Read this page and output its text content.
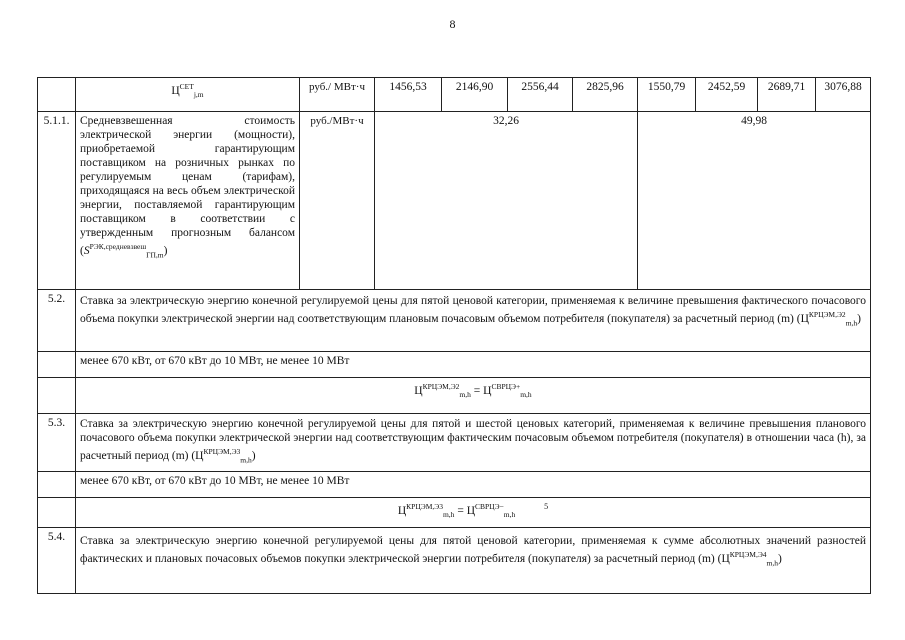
8
	$Ц^{СЕТ}_{j,m}$	руб./ МВт·ч	1456,53	2146,90	2556,44	2825,96	1550,79	2452,59	2689,71	3076,88
5.1.1.	Средневзвешенная стоимость электрической энергии (мощности), приобретаемой гарантирующим поставщиком на розничных рынках по регулируемым ценам (тарифам), приходящаяся на весь объем электрической энергии, поставляемой гарантирующим поставщиком в соответствии с утвержденным прогнозным балансом $(S^{РЭК,средневзвеш}_{ГП,m})$	руб./МВт·ч	32,26				49,98			
5.2.	Ставка за электрическую энергию конечной регулируемой цены для пятой ценовой категории, применяемая к величине превышения фактического почасового объема покупки электрической энергии над соответствующим плановым почасовым объемом потребителя (покупателя) за расчетный период (m) $(Ц^{КРЦЭМ,Э2}_{m,h})$									
	менее 670 кВт, от 670 кВт до 10 МВт, не менее 10 МВт									
	$Ц^{КРЦЭМ,Э2}_{m,h} = Ц^{СВРЦЭ+}_{m,h}$
5.3.	Ставка за электрическую энергию конечной регулируемой цены для пятой и шестой ценовых категорий, применяемая к величине превышения планового почасового объема покупки электрической энергии над соответствующим фактическим почасовым объемом потребителя (покупателя) в отношении часа (h), за расчетный период (m) $(Ц^{КРЦЭМ,Э3}_{m,h})$									
	менее 670 кВт, от 670 кВт до 10 МВт, не менее 10 МВт									
	$Ц^{КРЦЭМ,Э3}_{m,h} = Ц^{СВРЦЭ-}_{m,h}$ 5									
5.4.	Ставка за электрическую энергию конечной регулируемой цены для пятой ценовой категории, применяемая к сумме абсолютных значений разностей фактических и плановых почасовых объемов покупки электрической энергии потребителя (покупателя) за расчетный период (m) $(Ц^{КРЦЭМ,Э4}_{m,h})$									
